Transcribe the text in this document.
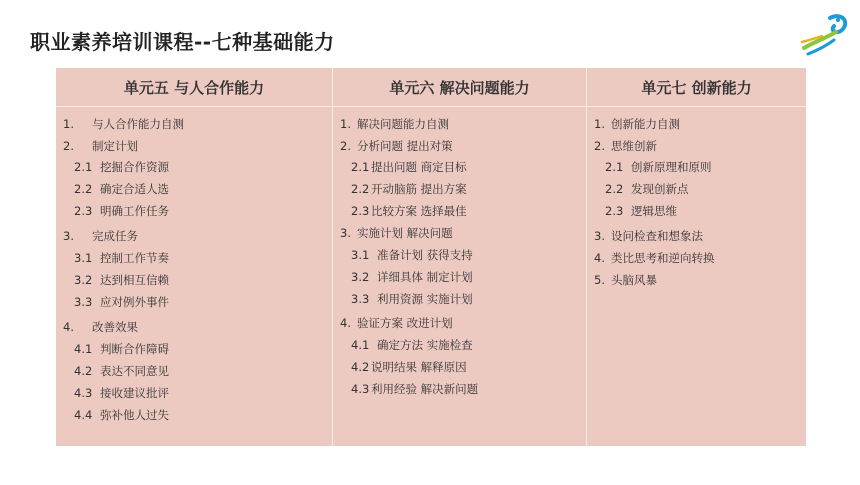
职业素养培训课程--七种基础能力
单元五 与人合作能力
1. 与人合作能力自测
2. 制定计划
2.1 挖掘合作资源
2.2 确定合适人选
2.3 明确工作任务
3. 完成任务
3.1 控制工作节奏
3.2 达到相互信赖
3.3 应对例外事件
4. 改善效果
4.1 判断合作障碍
4.2 表达不同意见
4.3 接收建议批评
4.4 弥补他人过失
单元六 解决问题能力
1. 解决问题能力自测
2. 分析问题 提出对策
2.1 提出问题 商定目标
2.2 开动脑筋 提出方案
2.3 比较方案 选择最佳
3. 实施计划 解决问题
3.1 准备计划 获得支持
3.2 详细具体 制定计划
3.3 利用资源 实施计划
4. 验证方案 改进计划
4.1 确定方法 实施检查
4.2 说明结果 解释原因
4.3 利用经验 解决新问题
单元七 创新能力
1. 创新能力自测
2. 思维创新
2.1 创新原理和原则
2.2 发现创新点
2.3 逻辑思维
3. 设问检查和想象法
4. 类比思考和逆向转换
5. 头脑风暴
